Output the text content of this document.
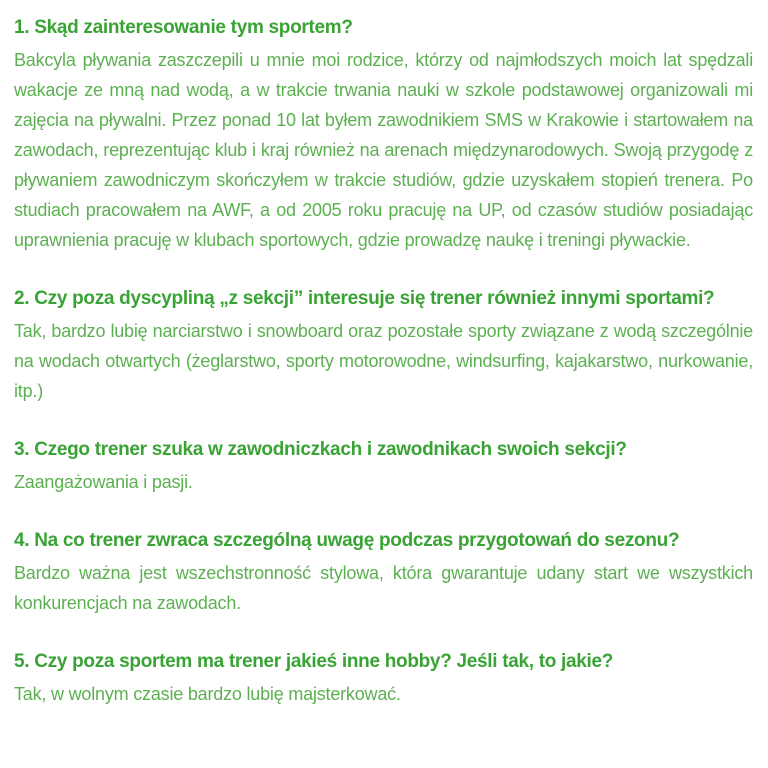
1. Skąd zainteresowanie tym sportem?

Bakcyla pływania zaszczepili u mnie moi rodzice, którzy od najmłodszych moich lat spędzali wakacje ze mną nad wodą, a w trakcie trwania nauki w szkole podstawowej organizowali mi zajęcia na pływalni. Przez ponad 10 lat byłem zawodnikiem SMS w Krakowie i startowałem na zawodach, reprezentując klub i kraj również na arenach międzynarodowych. Swoją przygodę z pływaniem zawodniczym skończyłem w trakcie studiów, gdzie uzyskałem stopień trenera. Po studiach pracowałem na AWF, a od 2005 roku pracuję na UP, od czasów studiów posiadając uprawnienia pracuję w klubach sportowych, gdzie prowadzę naukę i treningi pływackie.

2. Czy poza dyscypliną „z sekcji” interesuje się trener również innymi sportami?

Tak, bardzo lubię narciarstwo i snowboard oraz pozostałe sporty związane z wodą szczególnie na wodach otwartych (żeglarstwo, sporty motorowodne, windsurfing, kajakarstwo, nurkowanie, itp.)

3. Czego trener szuka w zawodniczkach i zawodnikach swoich sekcji?

Zaangażowania i pasji.

4. Na co trener zwraca szczególną uwagę podczas przygotowań do sezonu?

Bardzo ważna jest wszechstronność stylowa, która gwarantuje udany start we wszystkich konkurencjach na zawodach.

5. Czy poza sportem ma trener jakieś inne hobby? Jeśli tak, to jakie?

Tak, w wolnym czasie bardzo lubię majsterkować.
